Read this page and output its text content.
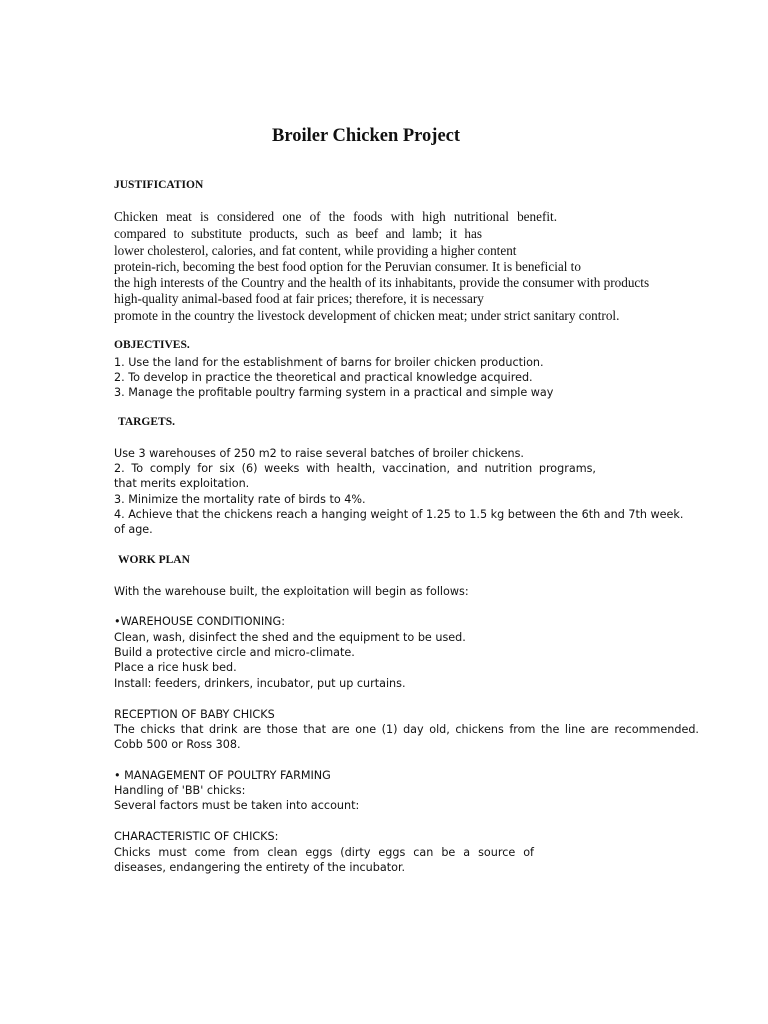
Broiler Chicken Project
JUSTIFICATION
Chicken meat is considered one of the foods with high nutritional benefit.
compared to substitute products, such as beef and lamb; it has
lower cholesterol, calories, and fat content, while providing a higher content
protein-rich, becoming the best food option for the Peruvian consumer. It is beneficial to
the high interests of the Country and the health of its inhabitants, provide the consumer with products
high-quality animal-based food at fair prices; therefore, it is necessary
promote in the country the livestock development of chicken meat; under strict sanitary control.
OBJECTIVES.
1. Use the land for the establishment of barns for broiler chicken production.
2. To develop in practice the theoretical and practical knowledge acquired.
3. Manage the profitable poultry farming system in a practical and simple way
TARGETS.
Use 3 warehouses of 250 m2 to raise several batches of broiler chickens.
2. To comply for six (6) weeks with health, vaccination, and nutrition programs,
that merits exploitation.
3. Minimize the mortality rate of birds to 4%.
4. Achieve that the chickens reach a hanging weight of 1.25 to 1.5 kg between the 6th and 7th week.
of age.
WORK PLAN
With the warehouse built, the exploitation will begin as follows:
•WAREHOUSE CONDITIONING:
Clean, wash, disinfect the shed and the equipment to be used.
Build a protective circle and micro-climate.
Place a rice husk bed.
Install: feeders, drinkers, incubator, put up curtains.
RECEPTION OF BABY CHICKS
The chicks that drink are those that are one (1) day old, chickens from the line are recommended.
Cobb 500 or Ross 308.
• MANAGEMENT OF POULTRY FARMING
Handling of 'BB' chicks:
Several factors must be taken into account:
CHARACTERISTIC OF CHICKS:
Chicks must come from clean eggs (dirty eggs can be a source of
diseases, endangering the entirety of the incubator.
